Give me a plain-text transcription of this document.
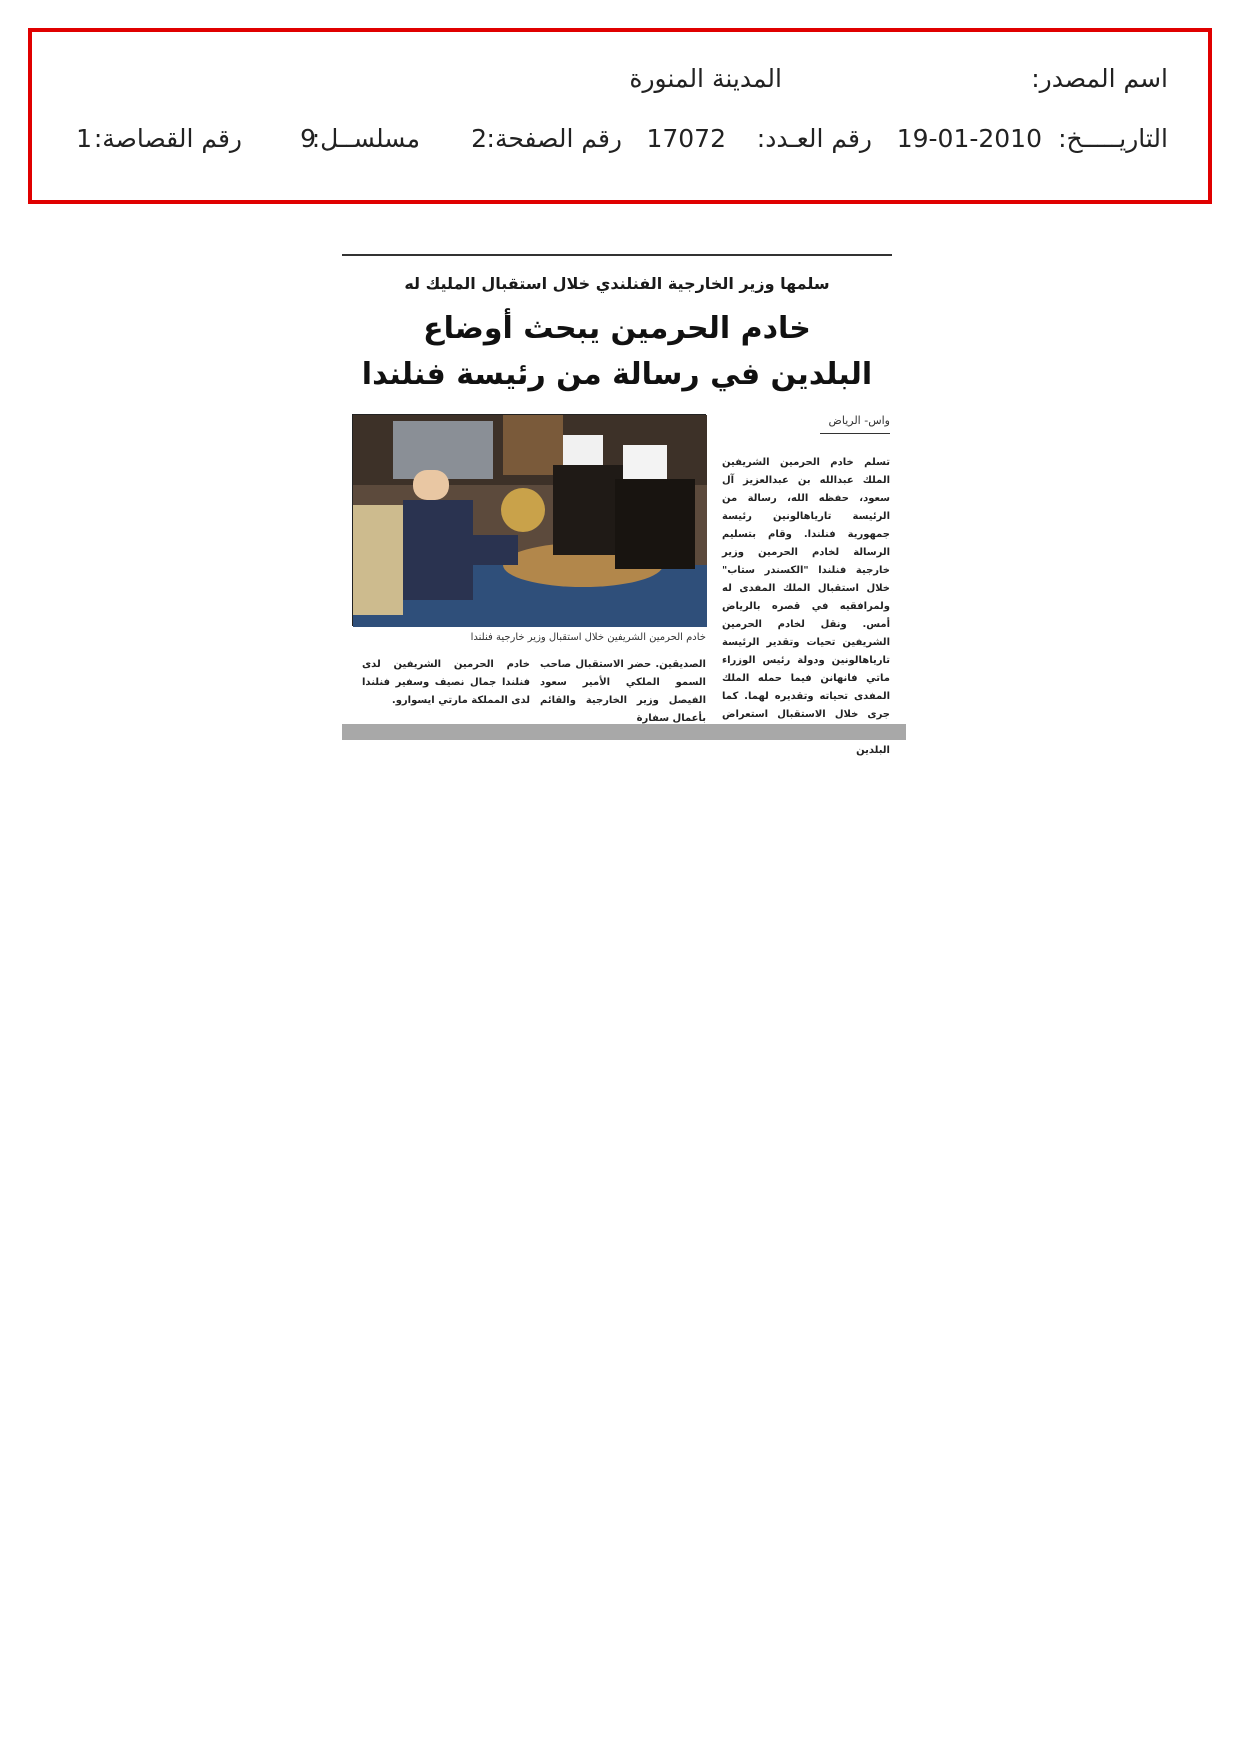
اسم المصدر:
المدينة المنورة
التاريـــــخ:
19-01-2010
رقم العـدد:
17072
رقم الصفحة:
2
مسلســل:
9
رقم القصاصة:
1
سلمها وزير الخارجية الفنلندي خلال استقبال المليك له
خادم الحرمين يبحث أوضاع
البلدين في رسالة من رئيسة فنلندا
واس- الرياض
خادم الحرمين الشريفين خلال استقبال وزير خارجية فنلندا
تسلم خادم الحرمين الشريفين الملك عبدالله بن عبدالعزيز آل سعود، حفظه الله، رسالة من الرئيسة تارياهالونين رئيسة جمهورية فنلندا. وقام بتسليم الرسالة لخادم الحرمين وزير خارجية فنلندا "الكسندر ستاب" خلال استقبال الملك المفدى له ولمرافقيه في قصره بالرياض أمس. ونقل لخادم الحرمين الشريفين تحيات وتقدير الرئيسة تارياهالونين ودولة رئيس الوزراء ماتي فانهانن فيما حمله الملك المفدى تحياته وتقديره لهما. كما جرى خلال الاستقبال استعراض البلدين
الصديقين. حضر الاستقبال صاحب السمو الملكي الأمير سعود الفيصل وزير الخارجية والقائم بأعمال سفارة
خادم الحرمين الشريفين لدى فنلندا جمال نصيف وسفير فنلندا لدى المملكة مارتي ايسوارو.
